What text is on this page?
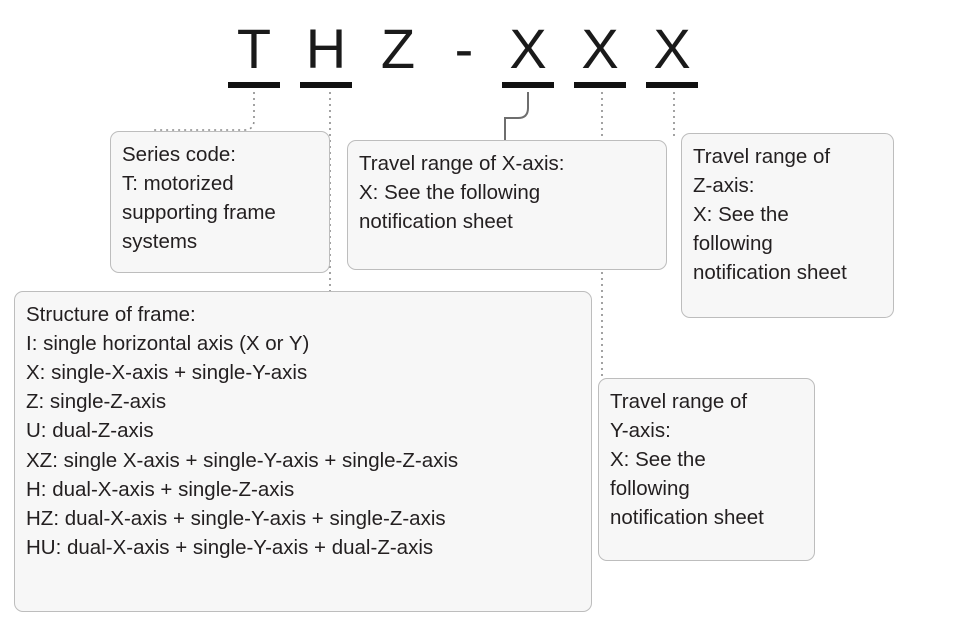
T H Z - X X X
Series code:
T: motorized
supporting frame
systems
Structure of frame:
I: single horizontal axis (X or Y)
X: single-X-axis + single-Y-axis
Z: single-Z-axis
U: dual-Z-axis
XZ: single X-axis + single-Y-axis + single-Z-axis
H: dual-X-axis + single-Z-axis
HZ: dual-X-axis + single-Y-axis + single-Z-axis
HU: dual-X-axis + single-Y-axis + dual-Z-axis
Travel range of X-axis:
X: See the following
notification sheet
Travel range of
Y-axis:
X: See the
following
notification sheet
Travel range of
Z-axis:
X: See the
following
notification sheet
